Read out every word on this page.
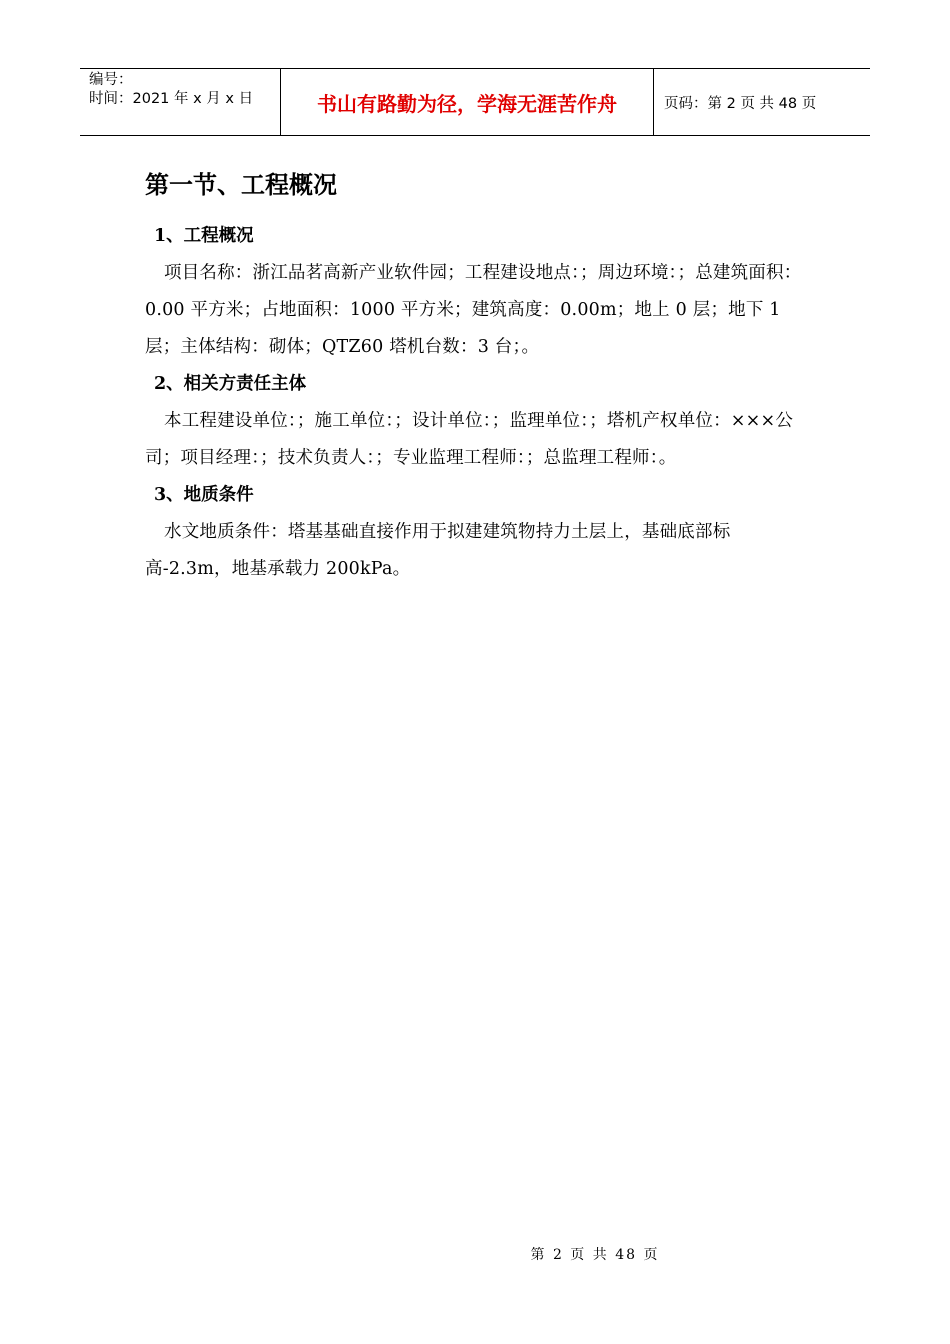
编号：
时间：2021 年 x 月 x 日	书山有路勤为径，学海无涯苦作舟	页码：第 2 页 共 48 页
第一节、工程概况
1、工程概况

项目名称：浙江品茗高新产业软件园；工程建设地点：；周边环境：；总建筑面积：0.00 平方米；占地面积：1000 平方米；建筑高度：0.00m；地上 0 层；地下 1 层；主体结构：砌体；QTZ60 塔机台数：3 台；。

2、相关方责任主体

本工程建设单位：；施工单位：；设计单位：；监理单位：；塔机产权单位：×××公司；项目经理：；技术负责人：；专业监理工程师：；总监理工程师：。

3、地质条件

水文地质条件：塔基基础直接作用于拟建建筑物持力土层上，基础底部标高-2.3m，地基承载力 200kPa。

第 2 页 共 48 页
